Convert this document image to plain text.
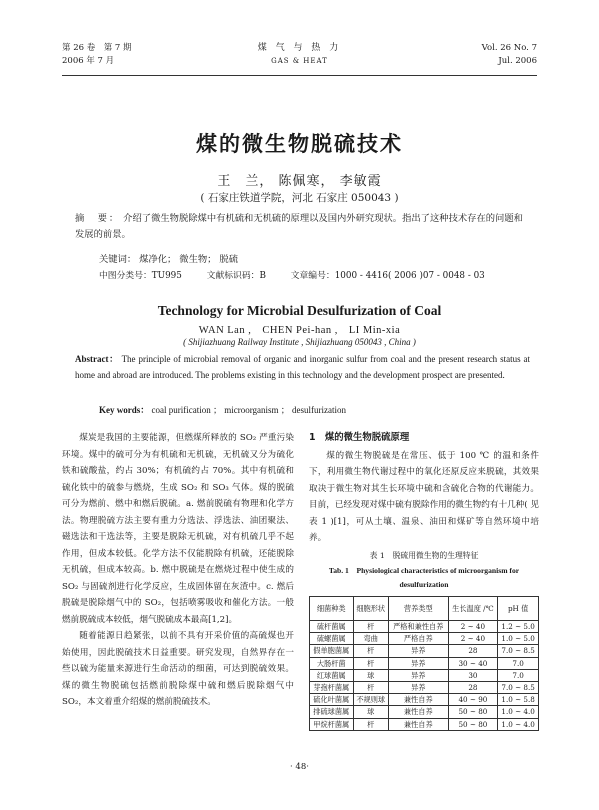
第 26 卷　第 7 期
2006 年 7 月
煤 气 与 热 力
GAS & HEAT
Vol. 26 No. 7
Jul. 2006
煤的微生物脱硫技术
王　兰， 陈佩寒， 李敏霞
( 石家庄铁道学院，河北 石家庄 050043 )
摘　要： 介绍了微生物脱除煤中有机硫和无机硫的原理以及国内外研究现状。指出了这种技术存在的问题和发展的前景。
关键词： 煤净化； 微生物； 脱硫
中图分类号：TU995	文献标识码：B	文章编号：1000 - 4416( 2006 )07 - 0048 - 03
Technology for Microbial Desulfurization of Coal
WAN Lan ,　CHEN Pei-han ,　LI Min-xia
( Shijiazhuang Railway Institute , Shijiazhuang 050043 , China )
Abstract： The principle of microbial removal of organic and inorganic sulfur from coal and the present research status at home and abroad are introduced. The problems existing in this technology and the development prospect are presented.
Key words： coal purification ； microorganism ； desulfurization

煤炭是我国的主要能源，但燃煤所释放的 SO₂ 严重污染环境。煤中的硫可分为有机硫和无机硫，无机硫又分为硫化铁和硫酸盐，约占 30%；有机硫约占 70%。其中有机硫和硫化铁中的硫参与燃烧，生成 SO₂ 和 SO₃ 气体。煤的脱硫可分为燃前、燃中和燃后脱硫。a. 燃前脱硫有物理和化学方法。物理脱硫方法主要有重力分选法、浮选法、油团聚法、磁选法和干选法等，主要是脱除无机硫，对有机硫几乎不起作用，但成本较低。化学方法不仅能脱除有机硫，还能脱除无机硫，但成本较高。b. 燃中脱硫是在燃烧过程中使生成的 SO₂ 与固硫剂进行化学反应，生成固体留在灰渣中。c. 燃后脱硫是脱除烟气中的 SO₂，包括喷雾吸收和催化方法。一般燃前脱硫成本较低，烟气脱硫成本最高[1,2]。

随着能源日趋紧张，以前不具有开采价值的高硫煤也开始使用，因此脱硫技术日益重要。研究发现，自然界存在一些以硫为能量来源进行生命活动的细菌，可达到脱硫效果。煤的微生物脱硫包括燃前脱除煤中硫和燃后脱除烟气中 SO₂，本文着重介绍煤的燃前脱硫技术。

1　煤的微生物脱硫原理

煤的微生物脱硫是在常压、低于 100 ℃ 的温和条件下，利用微生物代谢过程中的氧化还原反应来脱硫，其效果取决于微生物对其生长环境中硫和含硫化合物的代谢能力。目前，已经发现对煤中硫有脱除作用的微生物约有十几种( 见表 1 )[1]，可从土壤、温泉、油田和煤矿等自然环境中培养。

表 1　脱硫用微生物的生理特征
Tab. 1　Physiological characteristics of microorganism for desulfurization
细菌种类	细胞形状	营养类型	生长温度 /℃	pH 值
硫杆菌属	杆	严格和兼性自养	2 ~ 40	1.2 ~ 5.0
硫螺菌属	弯曲	严格自养	2 ~ 40	1.0 ~ 5.0
假单胞菌属	杆	异养	28	7.0 ~ 8.5
大肠杆菌	杆	异养	30 ~ 40	7.0
红球菌属	球	异养	30	7.0
芽孢杆菌属	杆	异养	28	7.0 ~ 8.5
硫化叶菌属	不规则球	兼性自养	40 ~ 90	1.0 ~ 5.8
排硫球菌属	球	兼性自养	50 ~ 80	1.0 ~ 4.0
甲烷杆菌属	杆	兼性自养	50 ~ 80	1.0 ~ 4.0
· 48·
